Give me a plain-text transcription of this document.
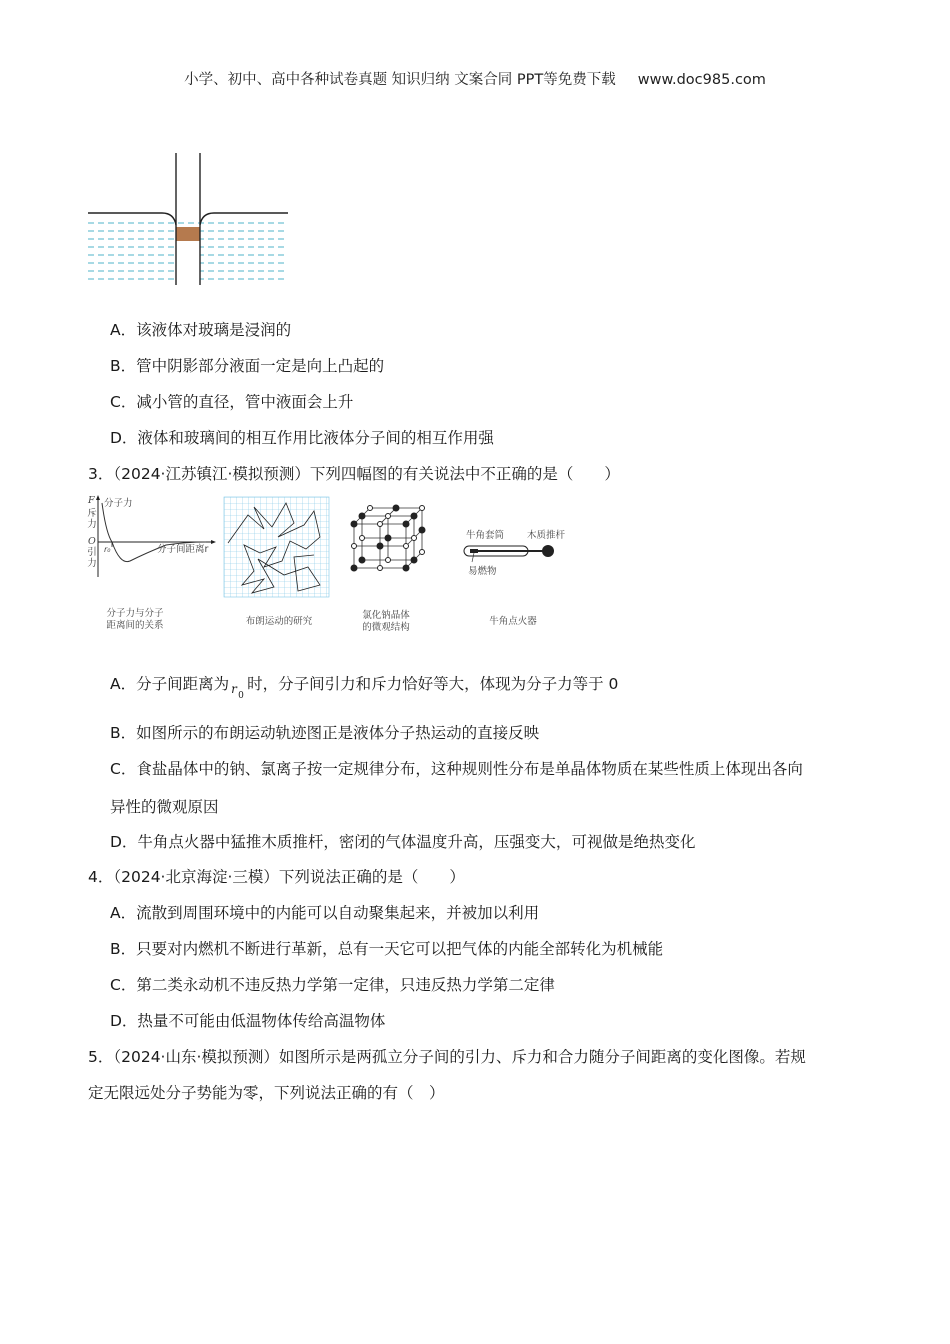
小学、初中、高中各种试卷真题 知识归纳 文案合同 PPT等免费下载 www.doc985.com
A．该液体对玻璃是浸润的
B．管中阴影部分液面一定是向上凸起的
C．减小管的直径，管中液面会上升
D．液体和玻璃间的相互作用比液体分子间的相互作用强
3．（2024·江苏镇江·模拟预测）下列四幅图的有关说法中不正确的是（　　）
F 分子力
斥力
O
引力
r₀	分子间距离r
分子力与分子
距离间的关系	布朗运动的研究
氯化钠晶体
的微观结构
牛角套筒 木质推杆
易燃物
牛角点火器
A．分子间距离为 r 0
时，分子间引力和斥力恰好等大，体现为分子力等于 0
B．如图所示的布朗运动轨迹图正是液体分子热运动的直接反映
C．食盐晶体中的钠、氯离子按一定规律分布，这种规则性分布是单晶体物质在某些性质上体现出各向
异性的微观原因
D．牛角点火器中猛推木质推杆，密闭的气体温度升高，压强变大，可视做是绝热变化
4．（2024·北京海淀·三模）下列说法正确的是（　　）
A．流散到周围环境中的内能可以自动聚集起来，并被加以利用
B．只要对内燃机不断进行革新，总有一天它可以把气体的内能全部转化为机械能
C．第二类永动机不违反热力学第一定律，只违反热力学第二定律
D．热量不可能由低温物体传给高温物体
5．（2024·山东·模拟预测）如图所示是两孤立分子间的引力、斥力和合力随分子间距离的变化图像。若规
定无限远处分子势能为零，下列说法正确的有（　）
